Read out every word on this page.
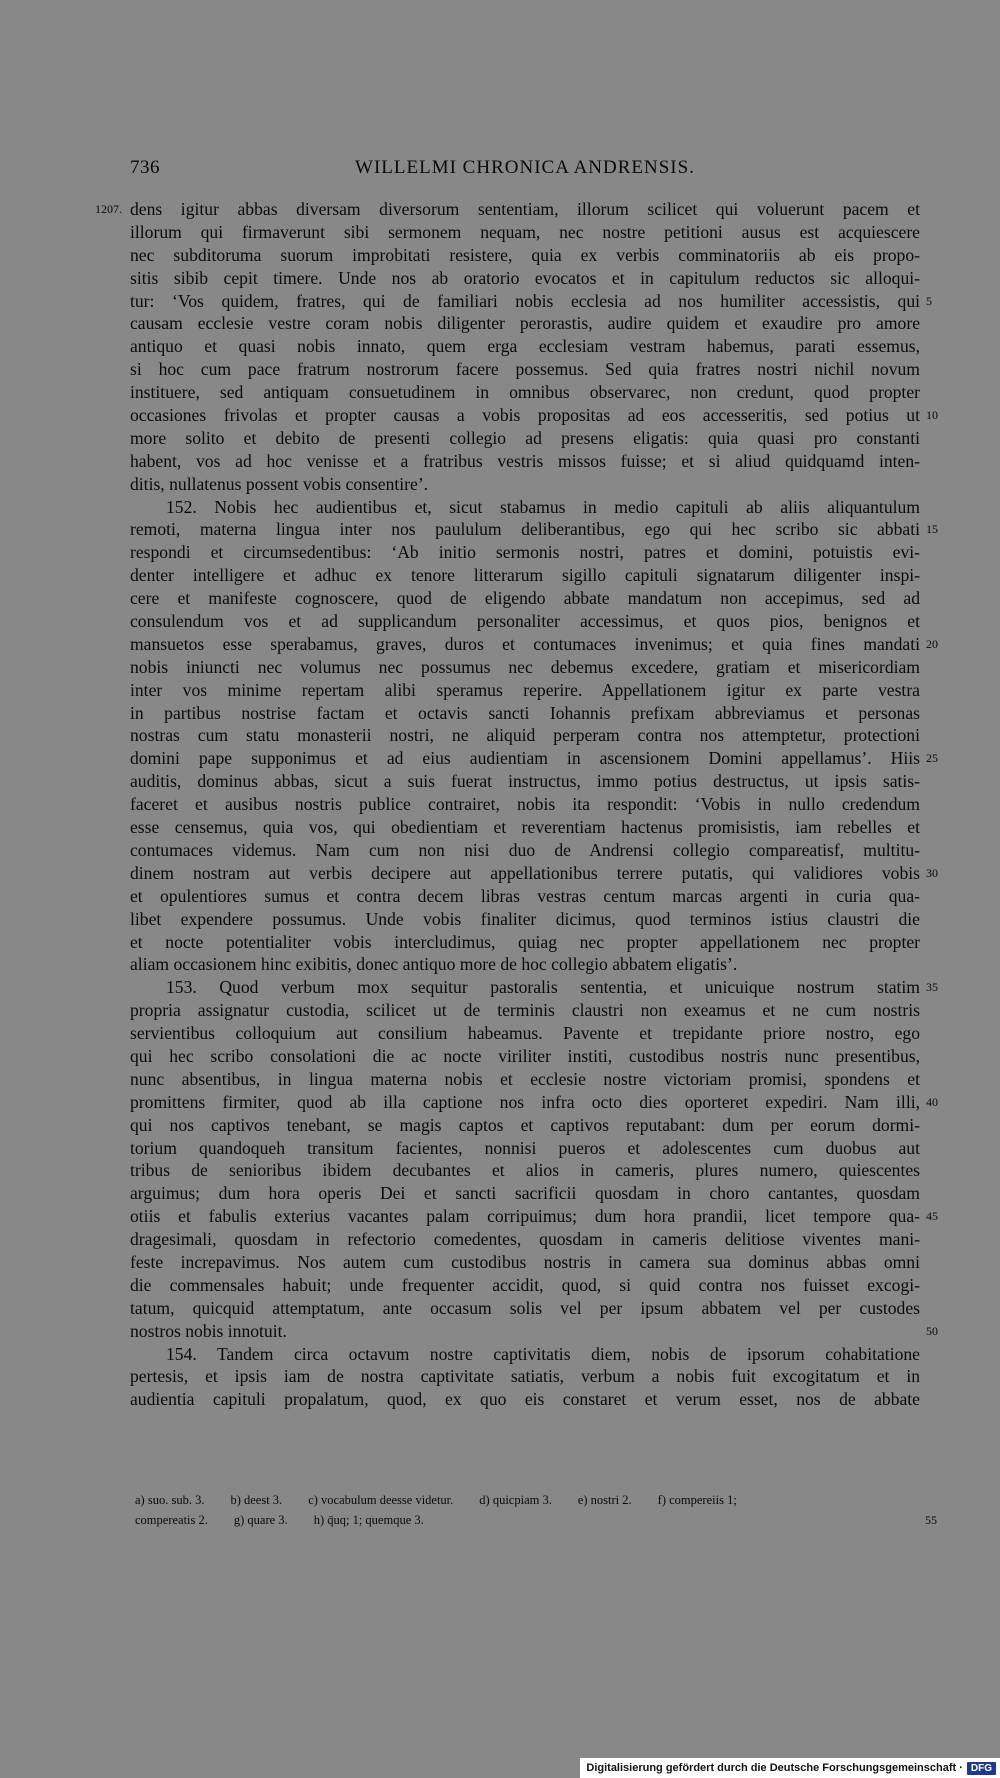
736	WILLELMI CHRONICA ANDRENSIS.
1207. dens igitur abbas diversam diversorum sententiam, illorum scilicet qui voluerunt pacem et
illorum qui firmaverunt sibi sermonem nequam, nec nostre petitioni ausus est acquiescere
nec subditoruma suorum improbitati resistere, quia ex verbis comminatoriis ab eis propo-
sitis sibib cepit timere. Unde nos ab oratorio evocatos et in capitulum reductos sic alloqui-
tur: ‘Vos quidem, fratres, qui de familiari nobis ecclesia ad nos humiliter accessistis, qui 5
causam ecclesie vestre coram nobis diligenter perorastis, audire quidem et exaudire pro amore
antiquo et quasi nobis innato, quem erga ecclesiam vestram habemus, parati essemus,
si hoc cum pace fratrum nostrorum facere possemus. Sed quia fratres nostri nichil novum
instituere, sed antiquam consuetudinem in omnibus observarec, non credunt, quod propter
occasiones frivolas et propter causas a vobis propositas ad eos accesseritis, sed potius ut 10
more solito et debito de presenti collegio ad presens eligatis: quia quasi pro constanti
habent, vos ad hoc venisse et a fratribus vestris missos fuisse; et si aliud quidquamd inten-
ditis, nullatenus possent vobis consentire’.
152. Nobis hec audientibus et, sicut stabamus in medio capituli ab aliis aliquantulum
remoti, materna lingua inter nos paululum deliberantibus, ego qui hec scribo sic abbati 15
respondi et circumsedentibus: ‘Ab initio sermonis nostri, patres et domini, potuistis evi-
denter intelligere et adhuc ex tenore litterarum sigillo capituli signatarum diligenter inspi-
cere et manifeste cognoscere, quod de eligendo abbate mandatum non accepimus, sed ad
consulendum vos et ad supplicandum personaliter accessimus, et quos pios, benignos et
mansuetos esse sperabamus, graves, duros et contumaces invenimus; et quia fines mandati 20
nobis iniuncti nec volumus nec possumus nec debemus excedere, gratiam et misericordiam
inter vos minime repertam alibi speramus reperire. Appellationem igitur ex parte vestra
in partibus nostrise factam et octavis sancti Iohannis prefixam abbreviamus et personas
nostras cum statu monasterii nostri, ne aliquid perperam contra nos attemptetur, protectioni
domini pape supponimus et ad eius audientiam in ascensionem Domini appellamus’. Hiis 25
auditis, dominus abbas, sicut a suis fuerat instructus, immo potius destructus, ut ipsis satis-
faceret et ausibus nostris publice contrairet, nobis ita respondit: ‘Vobis in nullo credendum
esse censemus, quia vos, qui obedientiam et reverentiam hactenus promisistis, iam rebelles et
contumaces videmus. Nam cum non nisi duo de Andrensi collegio compareatisf, multitu-
dinem nostram aut verbis decipere aut appellationibus terrere putatis, qui validiores vobis 30
et opulentiores sumus et contra decem libras vestras centum marcas argenti in curia qua-
libet expendere possumus. Unde vobis finaliter dicimus, quod terminos istius claustri die
et nocte potentialiter vobis intercludimus, quiag nec propter appellationem nec propter
aliam occasionem hinc exibitis, donec antiquo more de hoc collegio abbatem eligatis’.
153. Quod verbum mox sequitur pastoralis sententia, et unicuique nostrum statim 35
propria assignatur custodia, scilicet ut de terminis claustri non exeamus et ne cum nostris
servientibus colloquium aut consilium habeamus. Pavente et trepidante priore nostro, ego
qui hec scribo consolationi die ac nocte viriliter institi, custodibus nostris nunc presentibus,
nunc absentibus, in lingua materna nobis et ecclesie nostre victoriam promisi, spondens et
promittens firmiter, quod ab illa captione nos infra octo dies oporteret expediri. Nam illi, 40
qui nos captivos tenebant, se magis captos et captivos reputabant: dum per eorum dormi-
torium quandoqueh transitum facientes, nonnisi pueros et adolescentes cum duobus aut
tribus de senioribus ibidem decubantes et alios in cameris, plures numero, quiescentes
arguimus; dum hora operis Dei et sancti sacrificii quosdam in choro cantantes, quosdam
otiis et fabulis exterius vacantes palam corripuimus; dum hora prandii, licet tempore qua- 45
dragesimali, quosdam in refectorio comedentes, quosdam in cameris delitiose viventes mani-
feste increpavimus. Nos autem cum custodibus nostris in camera sua dominus abbas omni
die commensales habuit; unde frequenter accidit, quod, si quid contra nos fuisset excogi-
tatum, quicquid attemptatum, ante occasum solis vel per ipsum abbatem vel per custodes
nostros nobis innotuit.	50
154. Tandem circa octavum nostre captivitatis diem, nobis de ipsorum cohabitatione
pertesis, et ipsis iam de nostra captivitate satiatis, verbum a nobis fuit excogitatum et in
audientia capituli propalatum, quod, ex quo eis constaret et verum esset, nos de abbate
a) suo. sub. 3. b) deest 3. c) vocabulum deesse videtur. d) quicpiam 3. e) nostri 2. f) compereiis 1;
compereatis 2. g) quare 3. h) q̄uq; 1; quemque 3.	55
Digitalisierung gefördert durch die Deutsche Forschungsgemeinschaft · DFG
